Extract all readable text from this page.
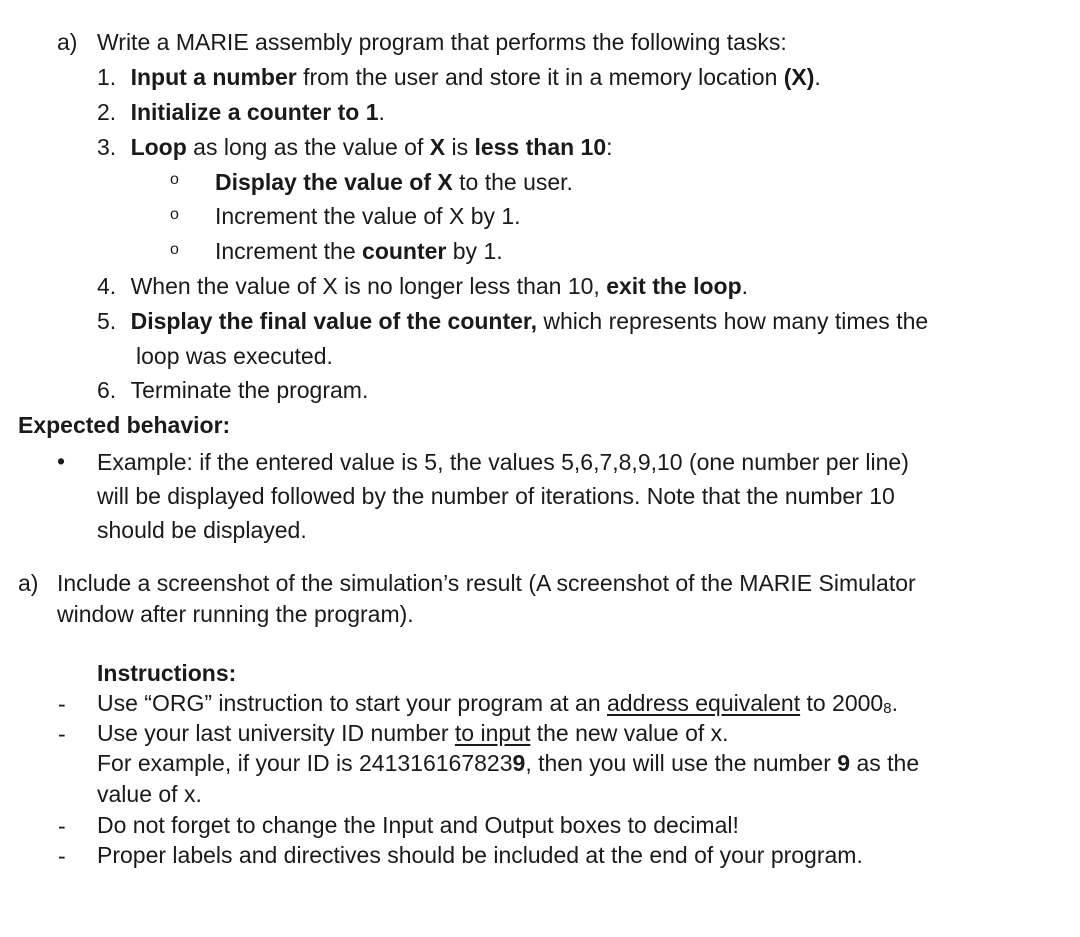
a) Write a MARIE assembly program that performs the following tasks:
1. Input a number from the user and store it in a memory location (X).
2. Initialize a counter to 1.
3. Loop as long as the value of X is less than 10:
o Display the value of X to the user.
o Increment the value of X by 1.
o Increment the counter by 1.
4. When the value of X is no longer less than 10, exit the loop.
5. Display the final value of the counter, which represents how many times the
loop was executed.
6. Terminate the program.
Expected behavior:
• Example: if the entered value is 5, the values 5,6,7,8,9,10 (one number per line)
will be displayed followed by the number of iterations. Note that the number 10
should be displayed.
a) Include a screenshot of the simulation’s result (A screenshot of the MARIE Simulator
window after running the program).
Instructions:
- Use “ORG” instruction to start your program at an address equivalent to 20008.
- Use your last university ID number to input the new value of x.
For example, if your ID is 2413161678239, then you will use the number 9 as the
value of x.
- Do not forget to change the Input and Output boxes to decimal!
- Proper labels and directives should be included at the end of your program.
